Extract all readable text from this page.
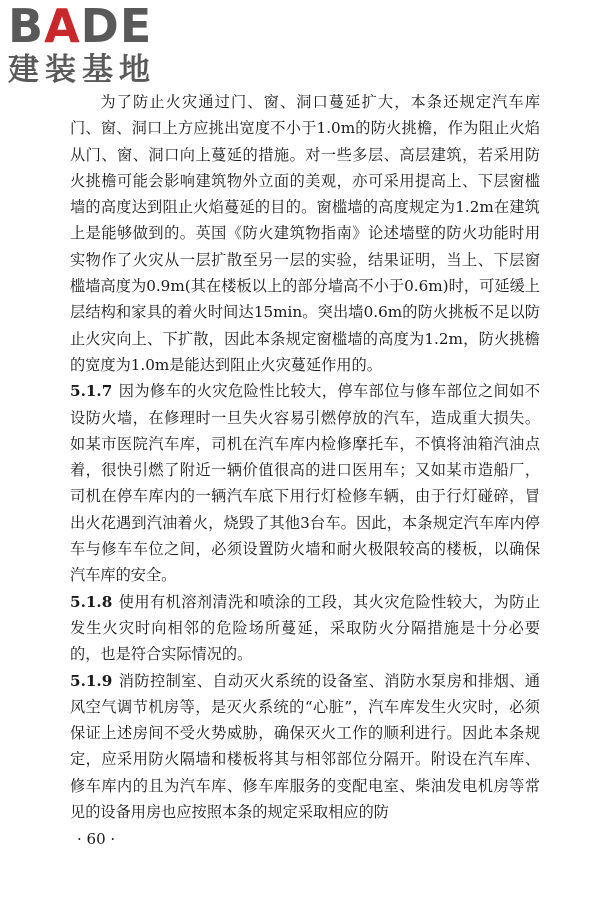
BADE
建装基地

为了防止火灾通过门、窗、洞口蔓延扩大，本条还规定汽车库门、窗、洞口上方应挑出宽度不小于1.0m的防火挑檐，作为阻止火焰从门、窗、洞口向上蔓延的措施。对一些多层、高层建筑，若采用防火挑檐可能会影响建筑物外立面的美观，亦可采用提高上、下层窗槛墙的高度达到阻止火焰蔓延的目的。窗槛墙的高度规定为1.2m在建筑上是能够做到的。英国《防火建筑物指南》论述墙壁的防火功能时用实物作了火灾从一层扩散至另一层的实验，结果证明，当上、下层窗槛墙高度为0.9m(其在楼板以上的部分墙高不小于0.6m)时，可延缓上层结构和家具的着火时间达15min。突出墙0.6m的防火挑板不足以防止火灾向上、下扩散，因此本条规定窗槛墙的高度为1.2m，防火挑檐的宽度为1.0m是能达到阻止火灾蔓延作用的。

5.1.7 因为修车的火灾危险性比较大，停车部位与修车部位之间如不设防火墙，在修理时一旦失火容易引燃停放的汽车，造成重大损失。如某市医院汽车库，司机在汽车库内检修摩托车，不慎将油箱汽油点着，很快引燃了附近一辆价值很高的进口医用车；又如某市造船厂，司机在停车库内的一辆汽车底下用行灯检修车辆，由于行灯碰碎，冒出火花遇到汽油着火，烧毁了其他3台车。因此，本条规定汽车库内停车与修车车位之间，必须设置防火墙和耐火极限较高的楼板，以确保汽车库的安全。

5.1.8 使用有机溶剂清洗和喷涂的工段，其火灾危险性较大，为防止发生火灾时向相邻的危险场所蔓延，采取防火分隔措施是十分必要的，也是符合实际情况的。

5.1.9 消防控制室、自动灭火系统的设备室、消防水泵房和排烟、通风空气调节机房等，是灭火系统的“心脏”，汽车库发生火灾时，必须保证上述房间不受火势威胁，确保灭火工作的顺利进行。因此本条规定，应采用防火隔墙和楼板将其与相邻部位分隔开。附设在汽车库、修车库内的且为汽车库、修车库服务的变配电室、柴油发电机房等常见的设备用房也应按照本条的规定采取相应的防

· 60 ·
